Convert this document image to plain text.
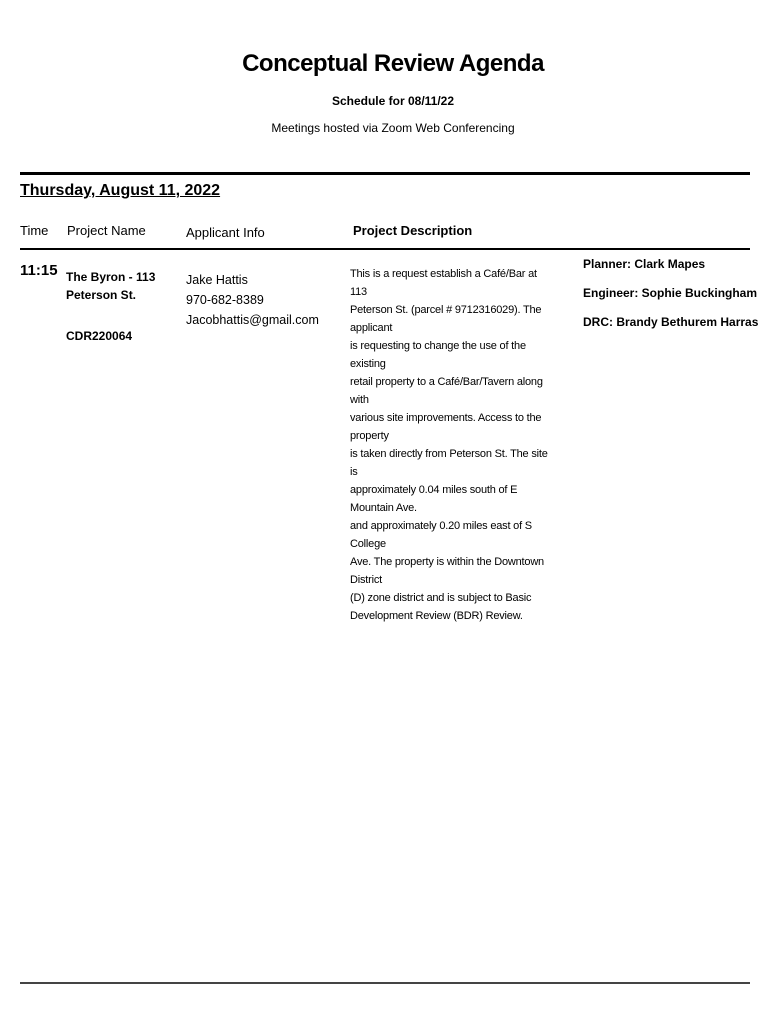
Conceptual Review Agenda
Schedule for 08/11/22
Meetings hosted via Zoom Web Conferencing
Thursday, August 11, 2022
Time Project Name	Applicant Info	Project Description
11:15 The Byron - 113
Peterson St.
CDR220064
Jake Hattis
970-682-8389
Jacobhattis@gmail.com
This is a request establish a Café/Bar at 113
Peterson St. (parcel # 9712316029). The applicant
is requesting to change the use of the existing
retail property to a Café/Bar/Tavern along with
various site improvements. Access to the property
is taken directly from Peterson St. The site is
approximately 0.04 miles south of E Mountain Ave.
and approximately 0.20 miles east of S College
Ave. The property is within the Downtown District
(D) zone district and is subject to Basic
Development Review (BDR) Review.
Planner: Clark Mapes
Engineer: Sophie Buckingham
DRC: Brandy Bethurem Harras
